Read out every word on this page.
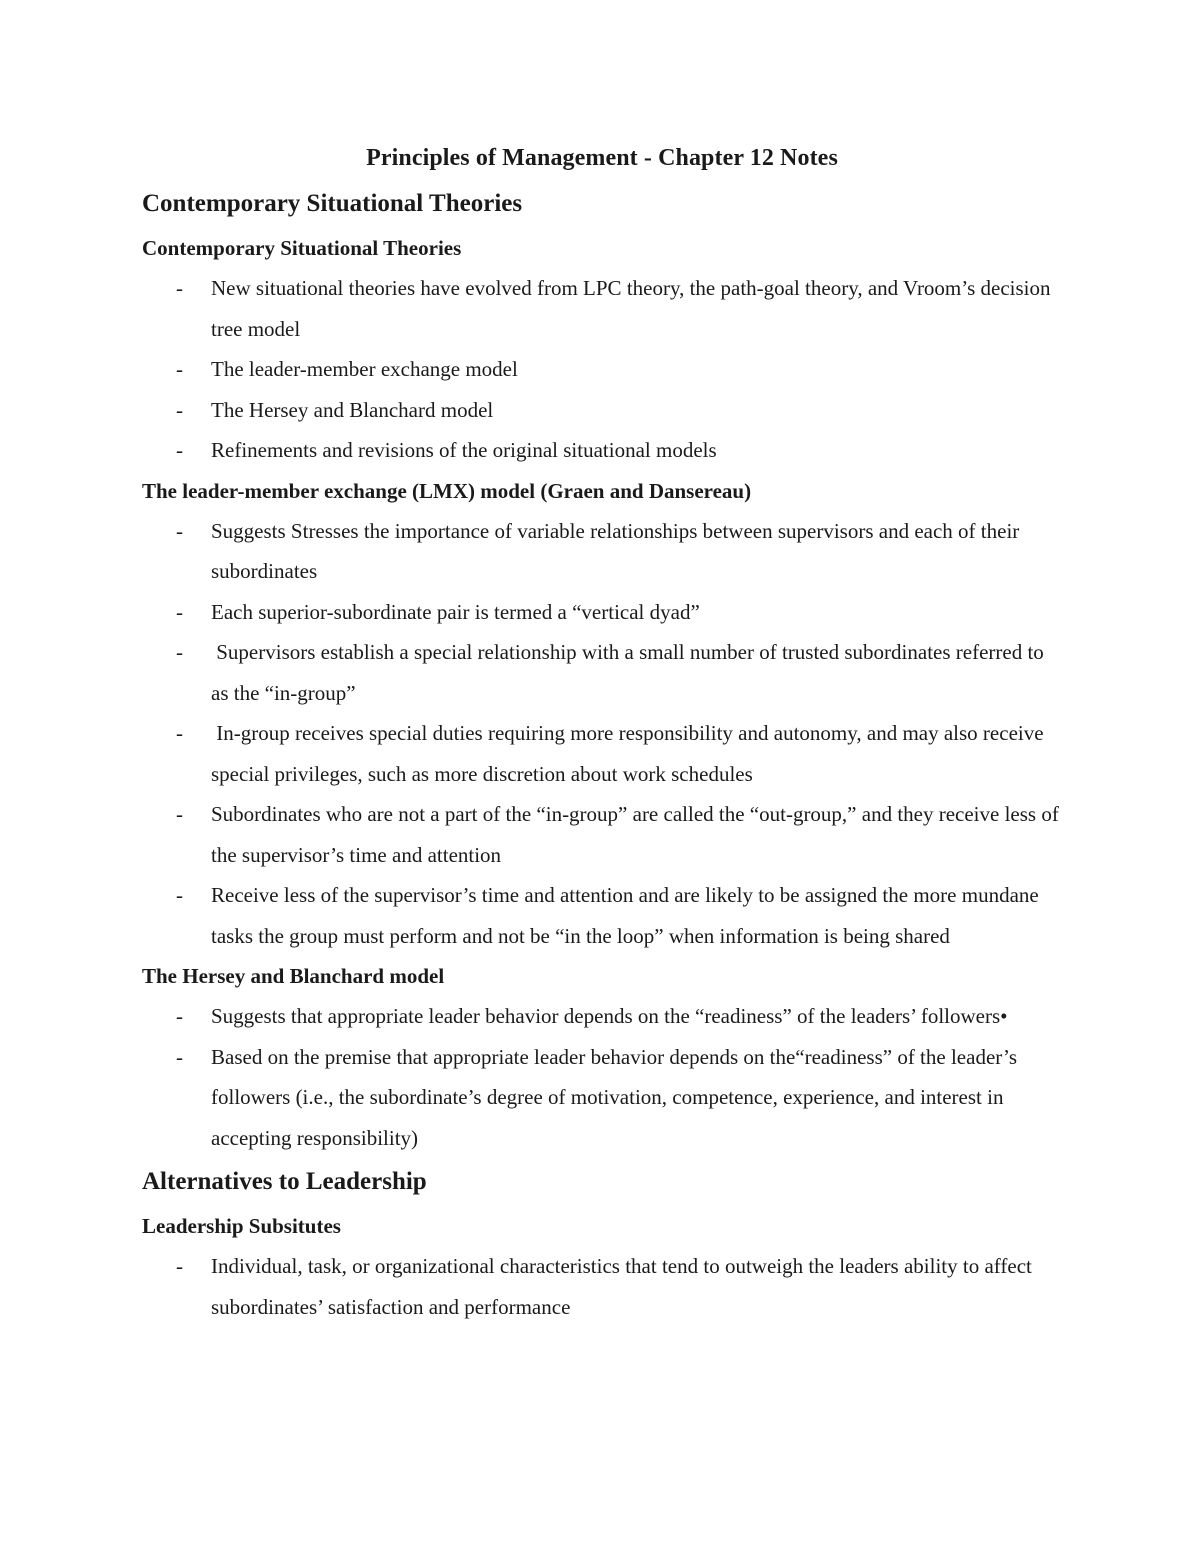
Principles of Management - Chapter 12 Notes
Contemporary Situational Theories
Contemporary Situational Theories
- New situational theories have evolved from LPC theory, the path-goal theory, and Vroom’s decision tree model
- The leader-member exchange model
- The Hersey and Blanchard model
- Refinements and revisions of the original situational models
The leader-member exchange (LMX) model (Graen and Dansereau)
- Suggests Stresses the importance of variable relationships between supervisors and each of their subordinates
- Each superior-subordinate pair is termed a “vertical dyad”
- Supervisors establish a special relationship with a small number of trusted subordinates referred to as the “in-group”
- In-group receives special duties requiring more responsibility and autonomy, and may also receive special privileges, such as more discretion about work schedules
- Subordinates who are not a part of the “in-group” are called the “out-group,” and they receive less of the supervisor’s time and attention
- Receive less of the supervisor’s time and attention and are likely to be assigned the more mundane tasks the group must perform and not be “in the loop” when information is being shared
The Hersey and Blanchard model
- Suggests that appropriate leader behavior depends on the “readiness” of the leaders’ followers•
- Based on the premise that appropriate leader behavior depends on the“readiness” of the leader’s followers (i.e., the subordinate’s degree of motivation, competence, experience, and interest in accepting responsibility)
Alternatives to Leadership
Leadership Subsitutes
- Individual, task, or organizational characteristics that tend to outweigh the leaders ability to affect subordinates’ satisfaction and performance
